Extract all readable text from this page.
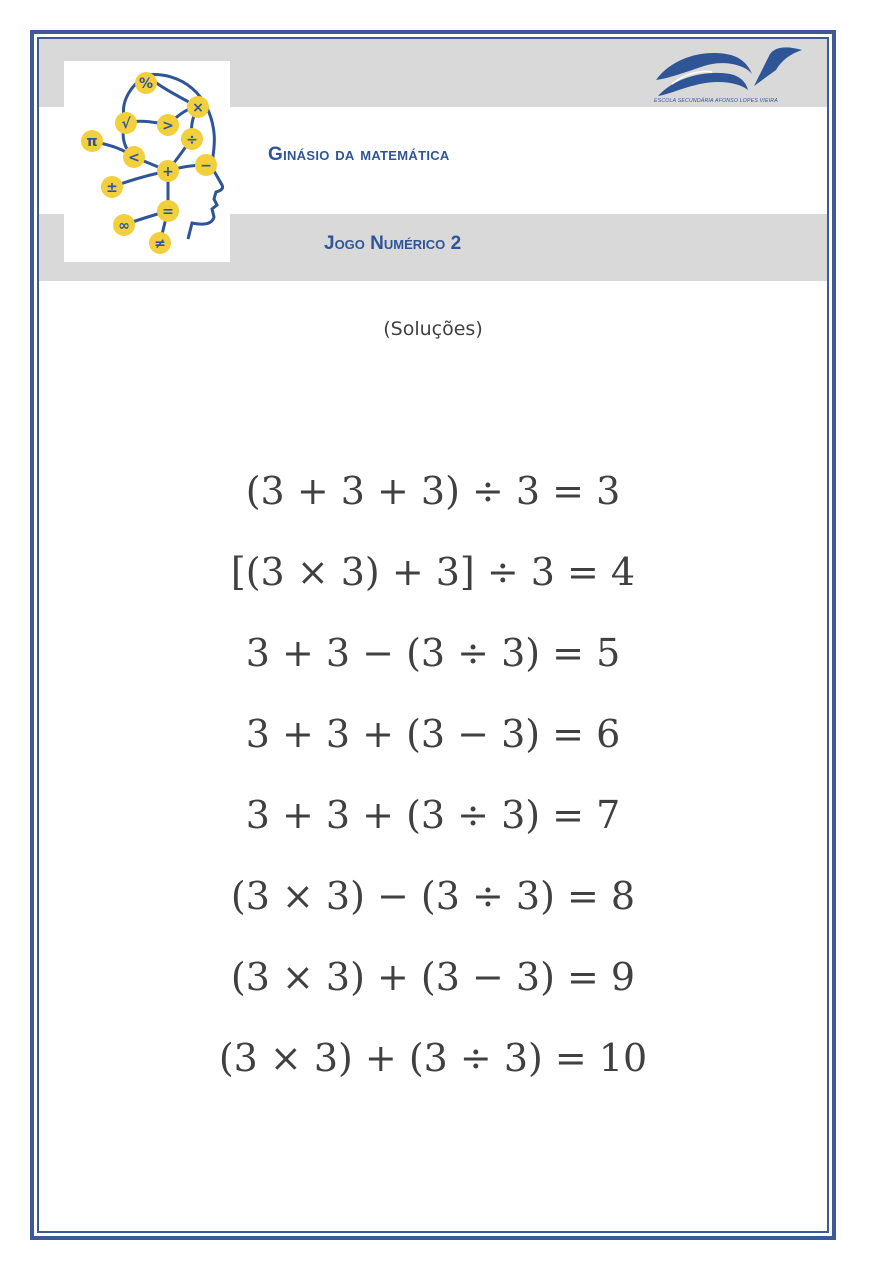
%
×
√ >
π
<
÷
−
+
±
=
∞
≠
ESCOLA SECUNDÁRIA AFONSO LOPES VIEIRA
Ginásio da matemática
Jogo Numérico 2
(Soluções)
(3 + 3 + 3) ÷ 3 = 3
[(3 × 3) + 3] ÷ 3 = 4
3 + 3 − (3 ÷ 3) = 5
3 + 3 + (3 − 3) = 6
3 + 3 + (3 ÷ 3) = 7
(3 × 3) − (3 ÷ 3) = 8
(3 × 3) + (3 − 3) = 9
(3 × 3) + (3 ÷ 3) = 10
